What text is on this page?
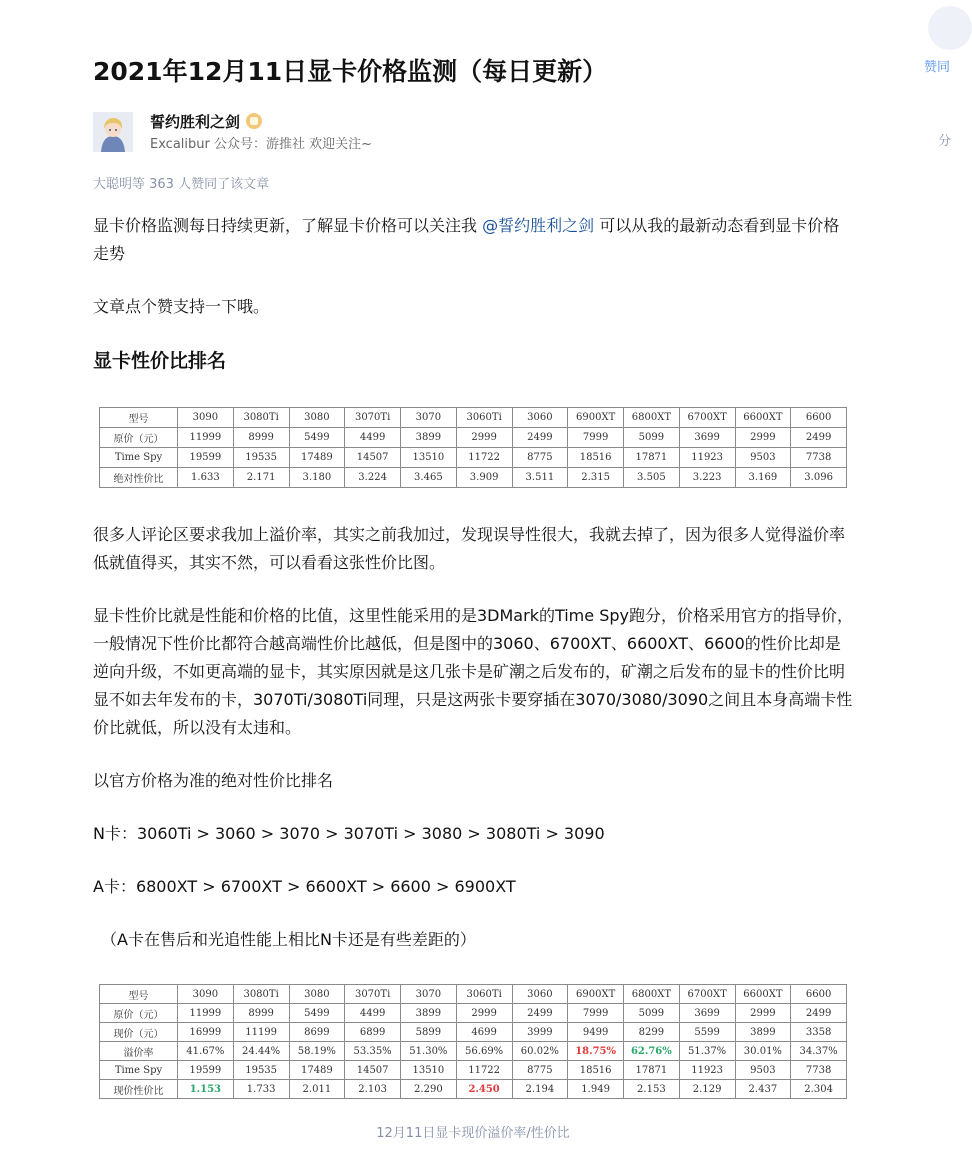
2021年12月11日显卡价格监测（每日更新）
誓约胜利之剑
Excalibur 公众号：游推社 欢迎关注~
大聪明等 363 人赞同了该文章

显卡价格监测每日持续更新，了解显卡价格可以关注我 @誓约胜利之剑 可以从我的最新动态看到显卡价格走势

文章点个赞支持一下哦。

显卡性价比排名
型号	3090	3080Ti	3080	3070Ti	3070	3060Ti	3060	6900XT	6800XT	6700XT	6600XT	6600
原价（元）	11999	8999	5499	4499	3899	2999	2499	7999	5099	3699	2999	2499
Time Spy	19599	19535	17489	14507	13510	11722	8775	18516	17871	11923	9503	7738
绝对性价比	1.633	2.171	3.180	3.224	3.465	3.909	3.511	2.315	3.505	3.223	3.169	3.096

很多人评论区要求我加上溢价率，其实之前我加过，发现误导性很大，我就去掉了，因为很多人觉得溢价率低就值得买，其实不然，可以看看这张性价比图。

显卡性价比就是性能和价格的比值，这里性能采用的是3DMark的Time Spy跑分，价格采用官方的指导价，一般情况下性价比都符合越高端性价比越低，但是图中的3060、6700XT、6600XT、6600的性价比却是逆向升级，不如更高端的显卡，其实原因就是这几张卡是矿潮之后发布的，矿潮之后发布的显卡的性价比明显不如去年发布的卡，3070Ti/3080Ti同理，只是这两张卡要穿插在3070/3080/3090之间且本身高端卡性价比就低，所以没有太违和。

以官方价格为准的绝对性价比排名

N卡：3060Ti > 3060 > 3070 > 3070Ti > 3080 > 3080Ti > 3090

A卡：6800XT > 6700XT > 6600XT > 6600 > 6900XT

（A卡在售后和光追性能上相比N卡还是有些差距的）

型号	3090	3080Ti	3080	3070Ti	3070	3060Ti	3060	6900XT	6800XT	6700XT	6600XT	6600
原价（元）	11999	8999	5499	4499	3899	2999	2499	7999	5099	3699	2999	2499
现价（元）	16999	11199	8699	6899	5899	4699	3999	9499	8299	5599	3899	3358
溢价率	41.67%	24.44%	58.19%	53.35%	51.30%	56.69%	60.02%	18.75%	62.76%	51.37%	30.01%	34.37%
Time Spy	19599	19535	17489	14507	13510	11722	8775	18516	17871	11923	9503	7738
现价性价比	1.153	1.733	2.011	2.103	2.290	2.450	2.194	1.949	2.153	2.129	2.437	2.304
12月11日显卡现价溢价率/性价比
赞同
分
